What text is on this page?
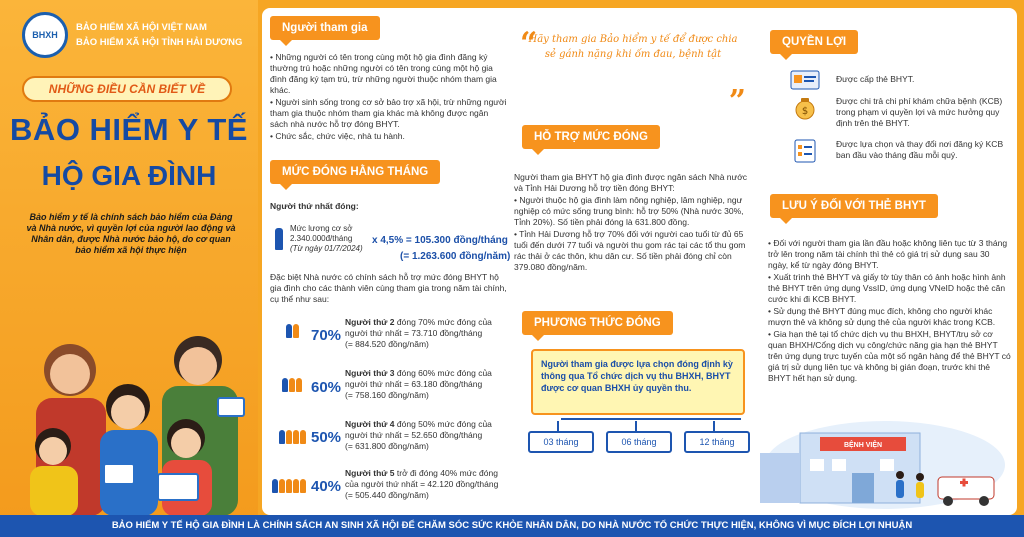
BHXH
BẢO HIỂM XÃ HỘI VIỆT NAM
BẢO HIỂM XÃ HỘI TỈNH HẢI DƯƠNG
NHỮNG ĐIỀU CẦN BIẾT VỀ
BẢO HIỂM Y TẾ
HỘ GIA ĐÌNH
Bảo hiểm y tế là chính sách bảo hiểm của Đảng và Nhà nước, vì quyền lợi của người lao động và Nhân dân, được Nhà nước bảo hộ, do cơ quan bảo hiểm xã hội thực hiện
Người tham gia

• Những người có tên trong cùng một hộ gia đình đăng ký thường trú hoặc những người có tên trong cùng một hộ gia đình đăng ký tạm trú, trừ những người thuộc nhóm tham gia khác.

• Người sinh sống trong cơ sở bảo trợ xã hội, trừ những người tham gia thuộc nhóm tham gia khác mà không được ngân sách nhà nước hỗ trợ đóng BHYT.

• Chức sắc, chức việc, nhà tu hành.

MỨC ĐÓNG HẰNG THÁNG
Người thứ nhất đóng:
Mức lương cơ sở
2.340.000đ/tháng
(Từ ngày 01/7/2024)
x 4,5% = 105.300 đồng/tháng
(= 1.263.600 đồng/năm)
Đặc biệt Nhà nước có chính sách hỗ trợ mức đóng BHYT hộ gia đình cho các thành viên cùng tham gia trong năm tài chính, cụ thể như sau:
70%
Người thứ 2 đóng 70% mức đóng của người thứ nhất = 73.710 đồng/tháng
(= 884.520 đồng/năm)
60%
Người thứ 3 đóng 60% mức đóng của người thứ nhất = 63.180 đồng/tháng
(= 758.160 đồng/năm)
50%
Người thứ 4 đóng 50% mức đóng của người thứ nhất = 52.650 đồng/tháng
(= 631.800 đồng/năm)
40%
Người thứ 5 trở đi đóng 40% mức đóng của người thứ nhất = 42.120 đồng/tháng
(= 505.440 đồng/năm)
“
Hãy tham gia Bảo hiểm y tế để được chia sẻ gánh nặng khi ốm đau, bệnh tật
”
HỖ TRỢ MỨC ĐÓNG

Người tham gia BHYT hộ gia đình được ngân sách Nhà nước và Tỉnh Hải Dương hỗ trợ tiền đóng BHYT:

• Người thuộc hộ gia đình làm nông nghiệp, lâm nghiệp, ngư nghiệp có mức sống trung bình: hỗ trợ 50% (Nhà nước 30%, Tỉnh 20%). Số tiền phải đóng là 631.800 đồng.

• Tỉnh Hải Dương hỗ trợ 70% đối với người cao tuổi từ đủ 65 tuổi đến dưới 77 tuổi và người thu gom rác tại các tổ thu gom rác thải ở các thôn, khu dân cư. Số tiền phải đóng chỉ còn 379.080 đồng/năm.

PHƯƠNG THỨC ĐÓNG
Người tham gia được lựa chọn đóng định kỳ thông qua Tổ chức dịch vụ thu BHXH, BHYT được cơ quan BHXH ủy quyền thu.
03 tháng	06 tháng	12 tháng
QUYỀN LỢI
Được cấp thẻ BHYT.
$
Được chi trả chi phí khám chữa bệnh (KCB) trong phạm vi quyền lợi và mức hưởng quy định trên thẻ BHYT.
Được lựa chọn và thay đổi nơi đăng ký KCB ban đầu vào tháng đầu mỗi quý.
LƯU Ý ĐỐI VỚI THẺ BHYT

• Đối với người tham gia lần đầu hoặc không liên tục từ 3 tháng trở lên trong năm tài chính thì thẻ có giá trị sử dụng sau 30 ngày, kể từ ngày đóng BHYT.

• Xuất trình thẻ BHYT và giấy tờ tùy thân có ảnh hoặc hình ảnh thẻ BHYT trên ứng dụng VssID, ứng dụng VNeID hoặc thẻ căn cước khi đi KCB BHYT.

• Sử dụng thẻ BHYT đúng mục đích, không cho người khác mượn thẻ và không sử dụng thẻ của người khác trong KCB.

• Gia hạn thẻ tại tổ chức dịch vụ thu BHXH, BHYT/trụ sở cơ quan BHXH/Cổng dịch vụ công/chức năng gia hạn thẻ BHYT trên ứng dụng trực tuyến của một số ngân hàng để thẻ BHYT có giá trị sử dụng liên tục và không bị gián đoạn, trước khi thẻ BHYT hết hạn sử dụng.

BỆNH VIỆN
BẢO HIỂM Y TẾ HỘ GIA ĐÌNH LÀ CHÍNH SÁCH AN SINH XÃ HỘI ĐỂ CHĂM SÓC SỨC KHỎE NHÂN DÂN, DO NHÀ NƯỚC TỔ CHỨC THỰC HIỆN, KHÔNG VÌ MỤC ĐÍCH LỢI NHUẬN
